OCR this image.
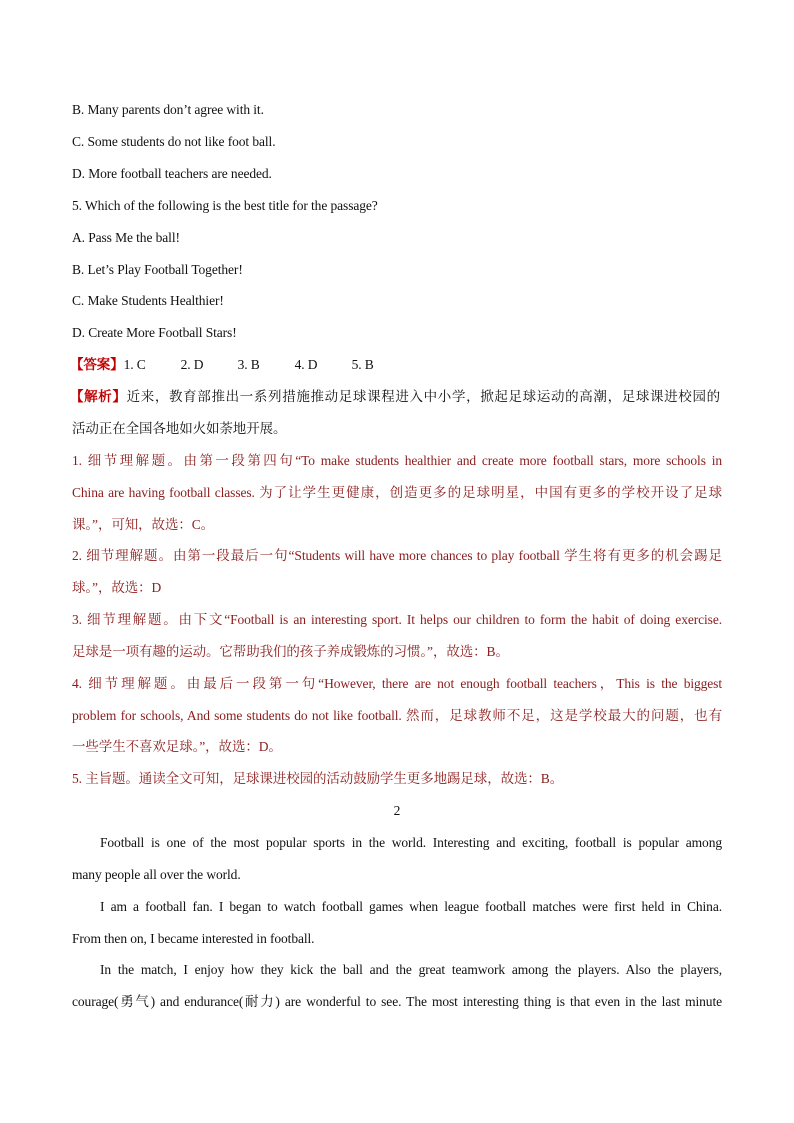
B. Many parents don’t agree with it.
C. Some students do not like foot ball.
D. More football teachers are needed.
5. Which of the following is the best title for the passage?
A. Pass Me the ball!
B. Let’s Play Football Together!
C. Make Students Healthier!
D. Create More Football Stars!
【答案】1. C	2. D	3. B	4. D	5. B
【解析】近来，教育部推出一系列措施推动足球课程进入中小学，掀起足球运动的高潮，足球课进校园的
活动正在全国各地如火如荼地开展。
1. 细节理解题。由第一段第四句“To make students healthier and create more football stars, more schools in
China are having football classes. 为了让学生更健康，创造更多的足球明星，中国有更多的学校开设了足球
课。”，可知，故选：C。
2. 细节理解题。由第一段最后一句“Students will have more chances to play football 学生将有更多的机会踢足
球。”，故选：D
3. 细节理解题。由下文“Football is an interesting sport. It helps our children to form the habit of doing exercise.
足球是一项有趣的运动。它帮助我们的孩子养成锻炼的习惯。”，故选：B。
4. 细节理解题。由最后一段第一句“However, there are not enough football teachers，This is the biggest
problem for schools, And some students do not like football. 然而，足球教师不足，这是学校最大的问题，也有
一些学生不喜欢足球。”，故选：D。
5. 主旨题。通读全文可知，足球课进校园的活动鼓励学生更多地踢足球，故选：B。
2
Football is one of the most popular sports in the world. Interesting and exciting, football is popular among
many people all over the world.
I am a football fan. I began to watch football games when league football matches were first held in China.
From then on, I became interested in football.
In the match, I enjoy how they kick the ball and the great teamwork among the players. Also the players,
courage(勇气) and endurance(耐力) are wonderful to see. The most interesting thing is that even in the last minute
